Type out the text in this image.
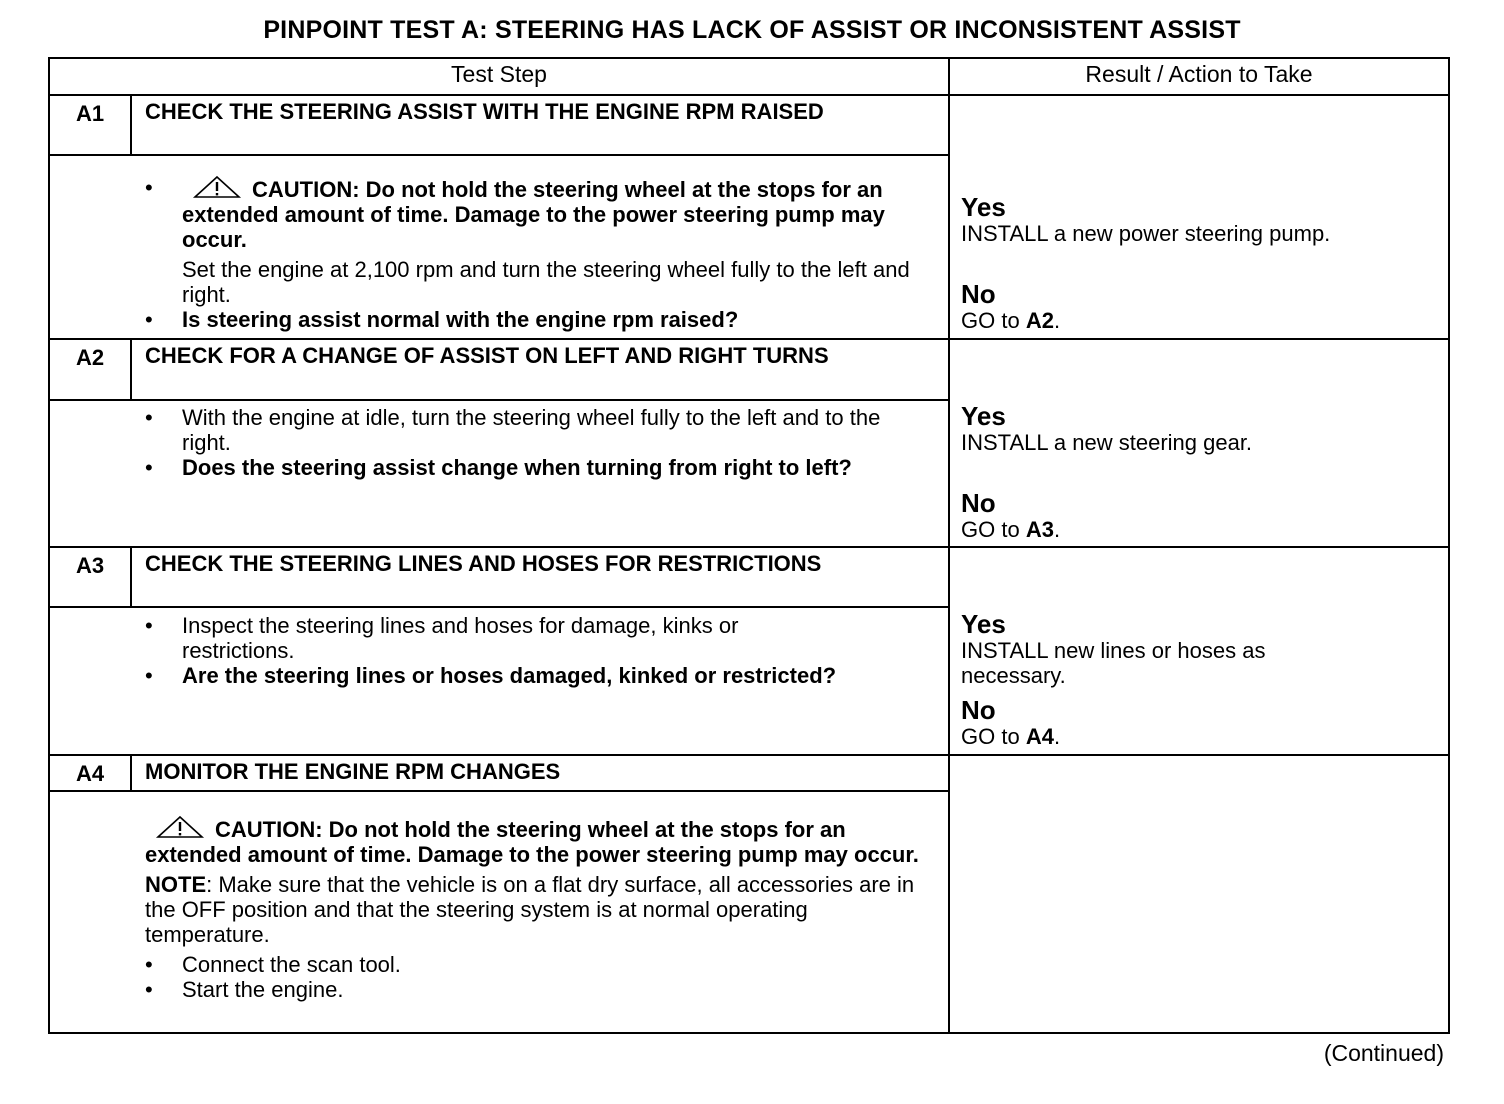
PINPOINT TEST A: STEERING HAS LACK OF ASSIST OR INCONSISTENT ASSIST
Test Step	Result / Action to Take
A1	CHECK THE STEERING ASSIST WITH THE ENGINE RPM RAISED
•	CAUTION: Do not hold the steering wheel at the stops for an extended amount of time. Damage to the power steering pump may occur.
Set the engine at 2,100 rpm and turn the steering wheel fully to the left and right.
• Is steering assist normal with the engine rpm raised?
Yes
INSTALL a new power steering pump.
No
GO to A2.
A2	CHECK FOR A CHANGE OF ASSIST ON LEFT AND RIGHT TURNS
• With the engine at idle, turn the steering wheel fully to the left and to the right.
• Does the steering assist change when turning from right to left?
Yes
INSTALL a new steering gear.
No
GO to A3.
A3	CHECK THE STEERING LINES AND HOSES FOR RESTRICTIONS
• Inspect the steering lines and hoses for damage, kinks or restrictions.
• Are the steering lines or hoses damaged, kinked or restricted?
Yes
INSTALL new lines or hoses as necessary.
No
GO to A4.
A4	MONITOR THE ENGINE RPM CHANGES
CAUTION: Do not hold the steering wheel at the stops for an extended amount of time. Damage to the power steering pump may occur.
NOTE: Make sure that the vehicle is on a flat dry surface, all accessories are in the OFF position and that the steering system is at normal operating temperature.
• Connect the scan tool.
• Start the engine.
(Continued)
